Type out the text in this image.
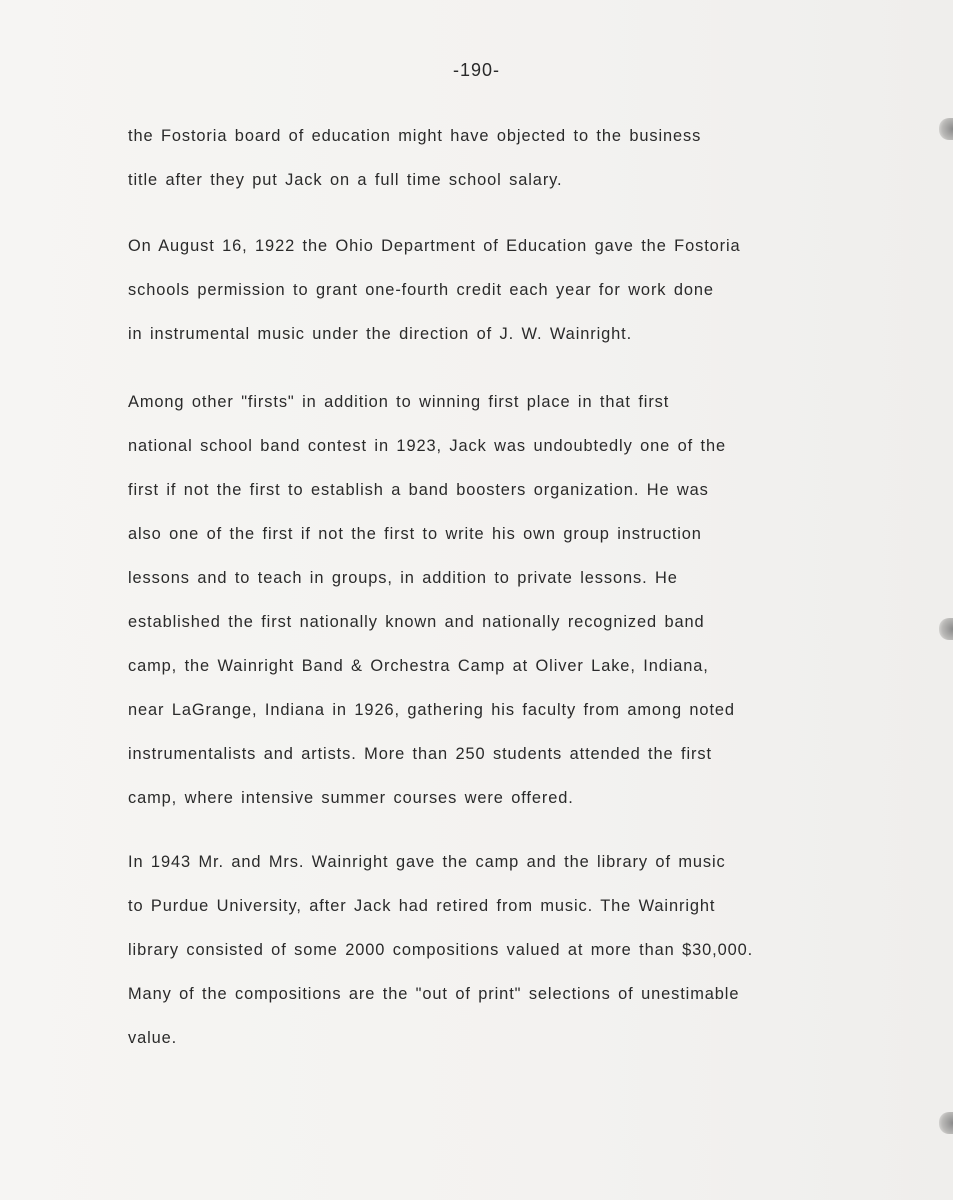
-190-
the Fostoria board of education might have objected to the business
title after they put Jack on a full time school salary.
On August 16, 1922 the Ohio Department of Education gave the Fostoria
schools permission to grant one-fourth credit each year for work done
in instrumental music under the direction of J. W. Wainright.
Among other "firsts" in addition to winning first place in that first
national school band contest in 1923, Jack was undoubtedly one of the
first if not the first to establish a band boosters organization. He was
also one of the first if not the first to write his own group instruction
lessons and to teach in groups, in addition to private lessons. He
established the first nationally known and nationally recognized band
camp, the Wainright Band & Orchestra Camp at Oliver Lake, Indiana,
near LaGrange, Indiana in 1926, gathering his faculty from among noted
instrumentalists and artists. More than 250 students attended the first
camp, where intensive summer courses were offered.
In 1943 Mr. and Mrs. Wainright gave the camp and the library of music
to Purdue University, after Jack had retired from music. The Wainright
library consisted of some 2000 compositions valued at more than $30,000.
Many of the compositions are the "out of print" selections of unestimable
value.
